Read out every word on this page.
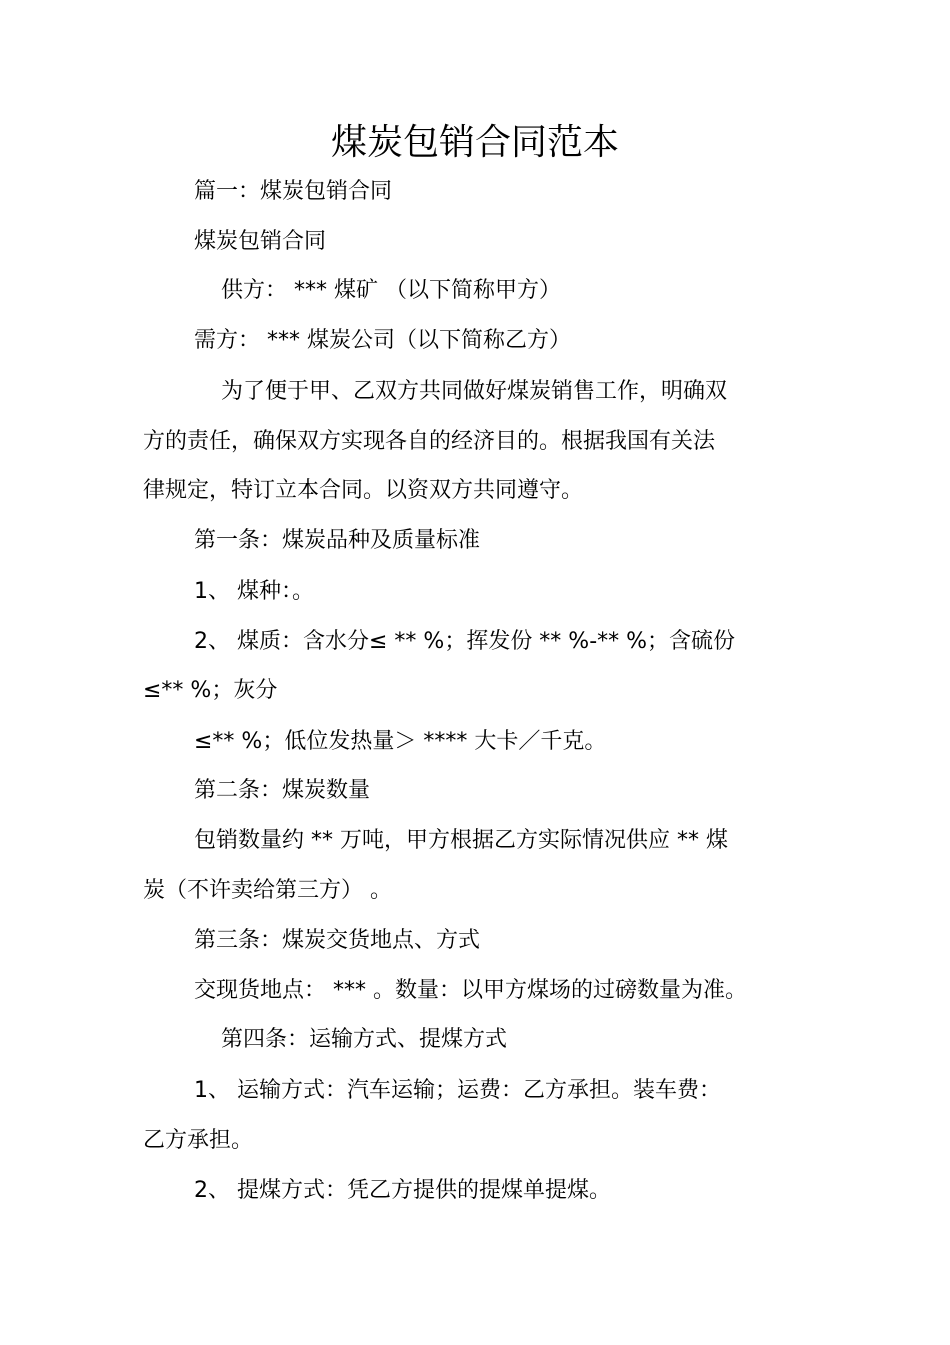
煤炭包销合同范本
篇一：煤炭包销合同
煤炭包销合同
供方： *** 煤矿 （以下简称甲方）
需方： *** 煤炭公司（以下简称乙方）
为了便于甲、乙双方共同做好煤炭销售工作，明确双
方的责任，确保双方实现各自的经济目的。根据我国有关法
律规定，特订立本合同。以资双方共同遵守。
第一条：煤炭品种及质量标准
1、 煤种：。
2、 煤质：含水分≤ ** %；挥发份 ** %-** %；含硫份
≤** %；灰分
≤** %；低位发热量＞ **** 大卡／千克。
第二条：煤炭数量
包销数量约 ** 万吨，甲方根据乙方实际情况供应 ** 煤
炭（不许卖给第三方） 。
第三条：煤炭交货地点、方式
交现货地点： *** 。数量：以甲方煤场的过磅数量为准。
第四条：运输方式、提煤方式
1、 运输方式：汽车运输；运费：乙方承担。装车费：
乙方承担。
2、 提煤方式：凭乙方提供的提煤单提煤。
